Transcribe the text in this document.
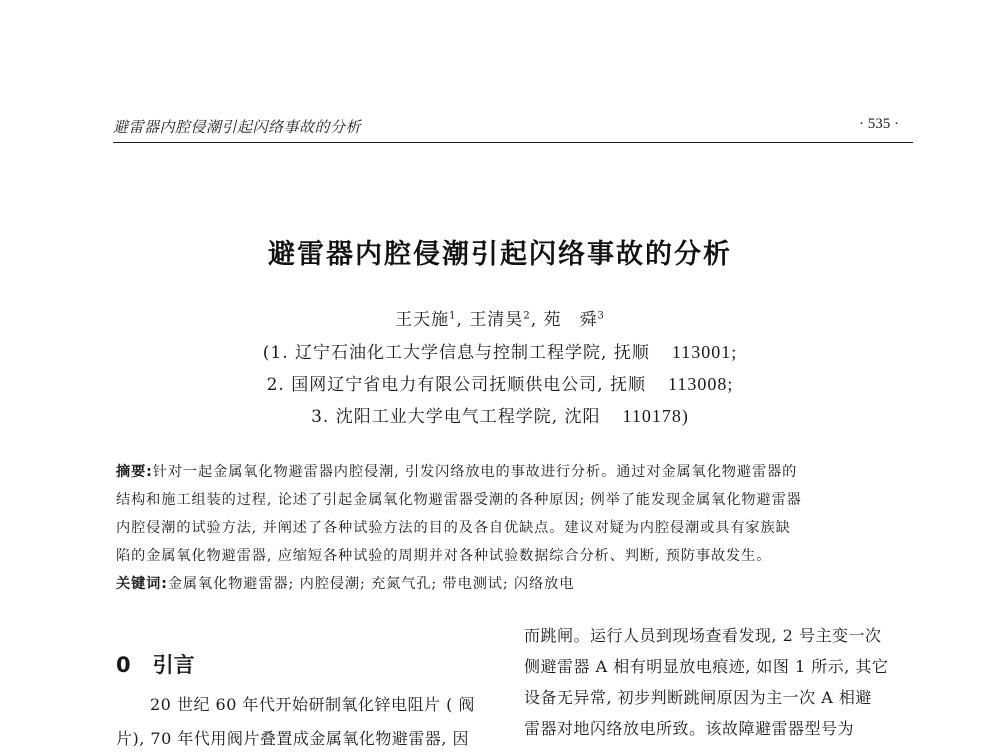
避雷器内腔侵潮引起闪络事故的分析	· 535 ·
避雷器内腔侵潮引起闪络事故的分析
王天施$^1$, 王清昊$^2$, 苑　舜$^3$
(1. 辽宁石油化工大学信息与控制工程学院, 抚顺 113001;
2. 国网辽宁省电力有限公司抚顺供电公司, 抚顺 113008;
3. 沈阳工业大学电气工程学院, 沈阳 110178)
摘要:针对一起金属氧化物避雷器内腔侵潮, 引发闪络放电的事故进行分析。通过对金属氧化物避雷器的
结构和施工组装的过程, 论述了引起金属氧化物避雷器受潮的各种原因; 例举了能发现金属氧化物避雷器
内腔侵潮的试验方法, 并阐述了各种试验方法的目的及各自优缺点。建议对疑为内腔侵潮或具有家族缺
陷的金属氧化物避雷器, 应缩短各种试验的周期并对各种试验数据综合分析、判断, 预防事故发生。
关键词:金属氧化物避雷器; 内腔侵潮; 充氮气孔; 带电测试; 闪络放电
0 引言
20 世纪 60 年代开始研制氧化锌电阻片 ( 阀
片), 70 年代用阀片叠置成金属氧化物避雷器, 因
而跳闸。运行人员到现场查看发现, 2 号主变一次
侧避雷器 A 相有明显放电痕迹, 如图 1 所示, 其它
设备无异常, 初步判断跳闸原因为主一次 A 相避
雷器对地闪络放电所致。该故障避雷器型号为
